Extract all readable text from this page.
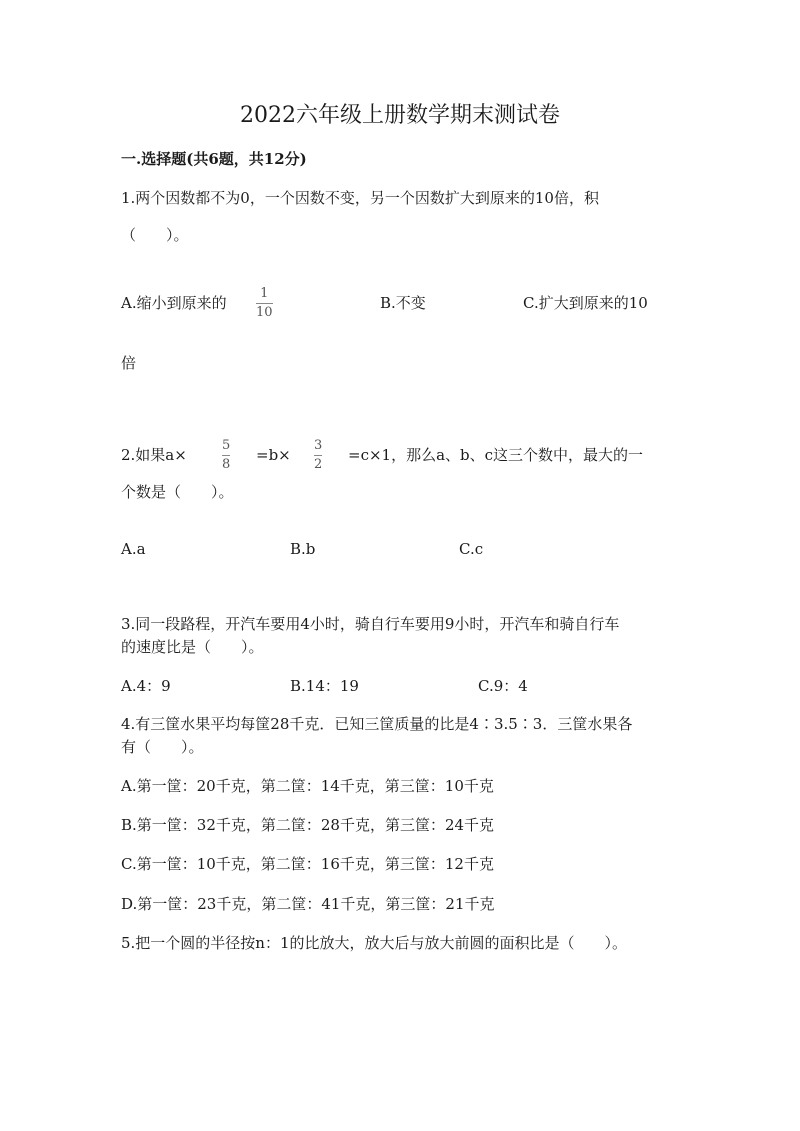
2022六年级上册数学期末测试卷
一.选择题(共6题，共12分)
1.两个因数都不为0，一个因数不变，另一个因数扩大到原来的10倍，积
（　　）。
A.缩小到原来的
1
10
B.不变	C.扩大到原来的10
倍
2.如果a×
5
8
=b×
3
2
=c×1，那么a、b、c这三个数中，最大的一
个数是（　　）。
A.a	B.b	C.c
3.同一段路程，开汽车要用4小时，骑自行车要用9小时，开汽车和骑自行车
的速度比是（　　）。
A.4：9	B.14：19	C.9：4
4.有三筐水果平均每筐28千克．已知三筐质量的比是4∶3.5∶3．三筐水果各
有（　　）。
A.第一筐：20千克，第二筐：14千克，第三筐：10千克
B.第一筐：32千克，第二筐：28千克，第三筐：24千克
C.第一筐：10千克，第二筐：16千克，第三筐：12千克
D.第一筐：23千克，第二筐：41千克，第三筐：21千克
5.把一个圆的半径按n：1的比放大，放大后与放大前圆的面积比是（　　）。
